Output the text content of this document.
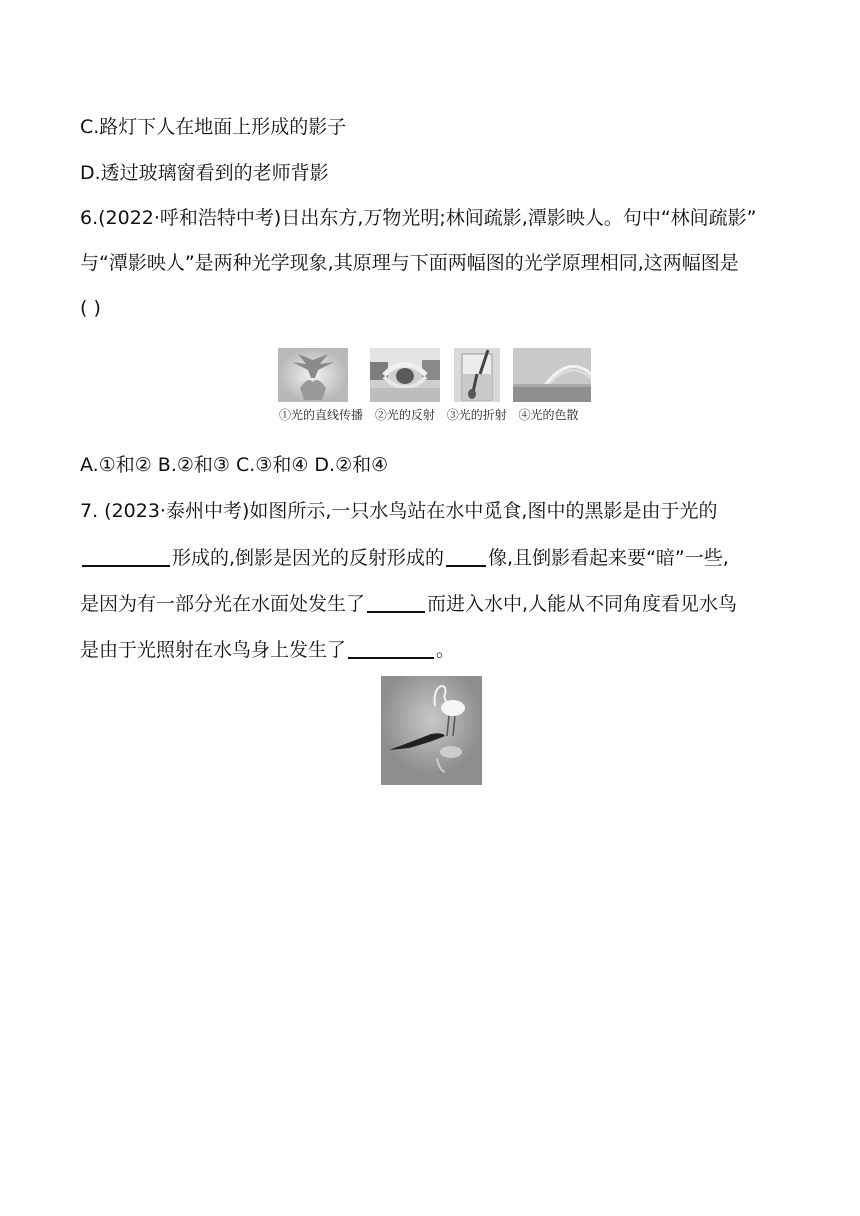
C.路灯下人在地面上形成的影子
D.透过玻璃窗看到的老师背影
6.(2022·呼和浩特中考)日出东方,万物光明;林间疏影,潭影映人。句中“林间疏影”
与“潭影映人”是两种光学现象,其原理与下面两幅图的光学原理相同,这两幅图是
( )
①光的直线传播 ②光的反射 ③光的折射 ④光的色散
A.①和② B.②和③ C.③和④ D.②和④
7. (2023·泰州中考)如图所示,一只水鸟站在水中觅食,图中的黑影是由于光的
形成的,倒影是因光的反射形成的 像,且倒影看起来要“暗”一些,
是因为有一部分光在水面处发生了	而进入水中,人能从不同角度看见水鸟
是由于光照射在水鸟身上发生了	。
